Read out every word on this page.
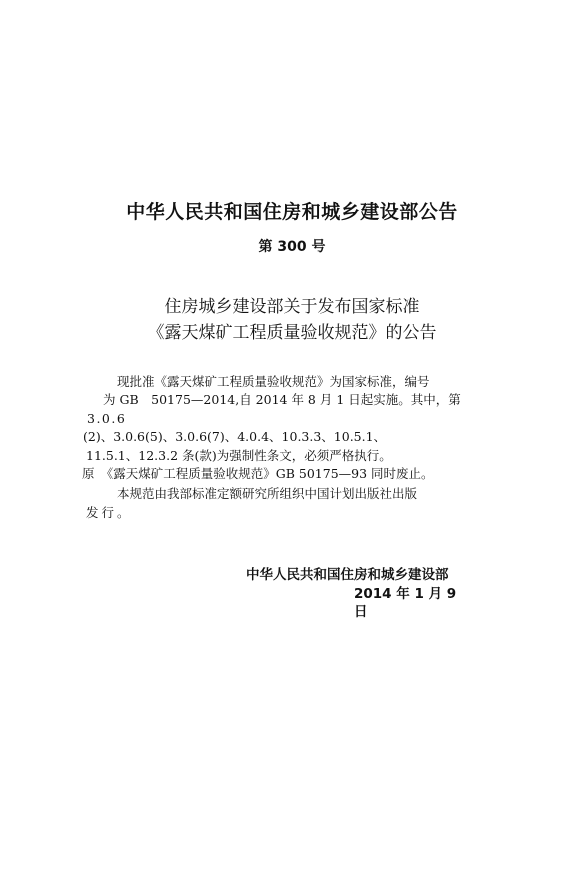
中华人民共和国住房和城乡建设部公告
第 300 号
住房城乡建设部关于发布国家标准
《露天煤矿工程质量验收规范》的公告
现批准《露天煤矿工程质量验收规范》为国家标准，编号
为 GB　50175—2014,自 2014 年 8 月 1 日起实施。其中，第
3.0.6
(2)、3.0.6(5)、3.0.6(7)、4.0.4、10.3.3、10.5.1、
11.5.1、12.3.2 条(款)为强制性条文，必须严格执行。
原　《露天煤矿工程质量验收规范》GB 50175—93 同时废止。
本规范由我部标准定额研究所组织中国计划出版社出版
发行。
中华人民共和国住房和城乡建设部
2014 年 1 月 9
日
